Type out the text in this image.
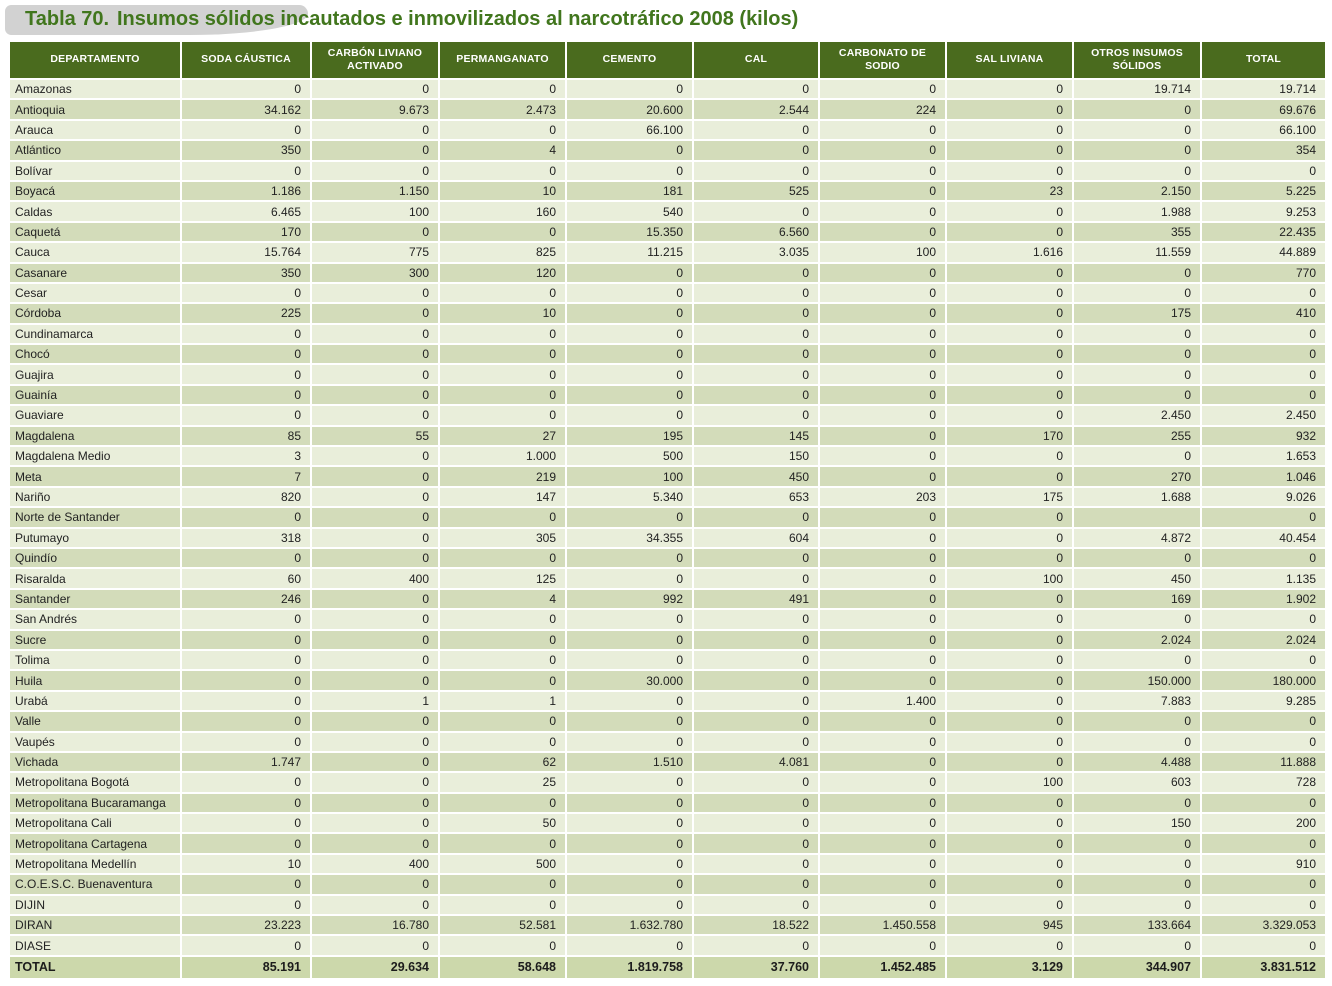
Tabla 70. Insumos sólidos incautados e inmovilizados al narcotráfico 2008 (kilos)
DEPARTAMENTO	SODA CÁUSTICA	CARBÓN LIVIANO ACTIVADO	PERMANGANATO	CEMENTO	CAL	CARBONATO DE SODIO	SAL LIVIANA	OTROS INSUMOS SÓLIDOS	TOTAL
Amazonas	0	0	0	0	0	0	0	19.714	19.714
Antioquia	34.162	9.673	2.473	20.600	2.544	224	0	0	69.676
Arauca	0	0	0	66.100	0	0	0	0	66.100
Atlántico	350	0	4	0	0	0	0	0	354
Bolívar	0	0	0	0	0	0	0	0	0
Boyacá	1.186	1.150	10	181	525	0	23	2.150	5.225
Caldas	6.465	100	160	540	0	0	0	1.988	9.253
Caquetá	170	0	0	15.350	6.560	0	0	355	22.435
Cauca	15.764	775	825	11.215	3.035	100	1.616	11.559	44.889
Casanare	350	300	120	0	0	0	0	0	770
Cesar	0	0	0	0	0	0	0	0	0
Córdoba	225	0	10	0	0	0	0	175	410
Cundinamarca	0	0	0	0	0	0	0	0	0
Chocó	0	0	0	0	0	0	0	0	0
Guajira	0	0	0	0	0	0	0	0	0
Guainía	0	0	0	0	0	0	0	0	0
Guaviare	0	0	0	0	0	0	0	2.450	2.450
Magdalena	85	55	27	195	145	0	170	255	932
Magdalena Medio	3	0	1.000	500	150	0	0	0	1.653
Meta	7	0	219	100	450	0	0	270	1.046
Nariño	820	0	147	5.340	653	203	175	1.688	9.026
Norte de Santander	0	0	0	0	0	0	0		0
Putumayo	318	0	305	34.355	604	0	0	4.872	40.454
Quindío	0	0	0	0	0	0	0	0	0
Risaralda	60	400	125	0	0	0	100	450	1.135
Santander	246	0	4	992	491	0	0	169	1.902
San Andrés	0	0	0	0	0	0	0	0	0
Sucre	0	0	0	0	0	0	0	2.024	2.024
Tolima	0	0	0	0	0	0	0	0	0
Huila	0	0	0	30.000	0	0	0	150.000	180.000
Urabá	0	1	1	0	0	1.400	0	7.883	9.285
Valle	0	0	0	0	0	0	0	0	0
Vaupés	0	0	0	0	0	0	0	0	0
Vichada	1.747	0	62	1.510	4.081	0	0	4.488	11.888
Metropolitana Bogotá	0	0	25	0	0	0	100	603	728
Metropolitana Bucaramanga	0	0	0	0	0	0	0	0	0
Metropolitana Cali	0	0	50	0	0	0	0	150	200
Metropolitana Cartagena	0	0	0	0	0	0	0	0	0
Metropolitana Medellín	10	400	500	0	0	0	0	0	910
C.O.E.S.C. Buenaventura	0	0	0	0	0	0	0	0	0
DIJIN	0	0	0	0	0	0	0	0	0
DIRAN	23.223	16.780	52.581	1.632.780	18.522	1.450.558	945	133.664	3.329.053
DIASE	0	0	0	0	0	0	0	0	0
TOTAL	85.191	29.634	58.648	1.819.758	37.760	1.452.485	3.129	344.907	3.831.512
